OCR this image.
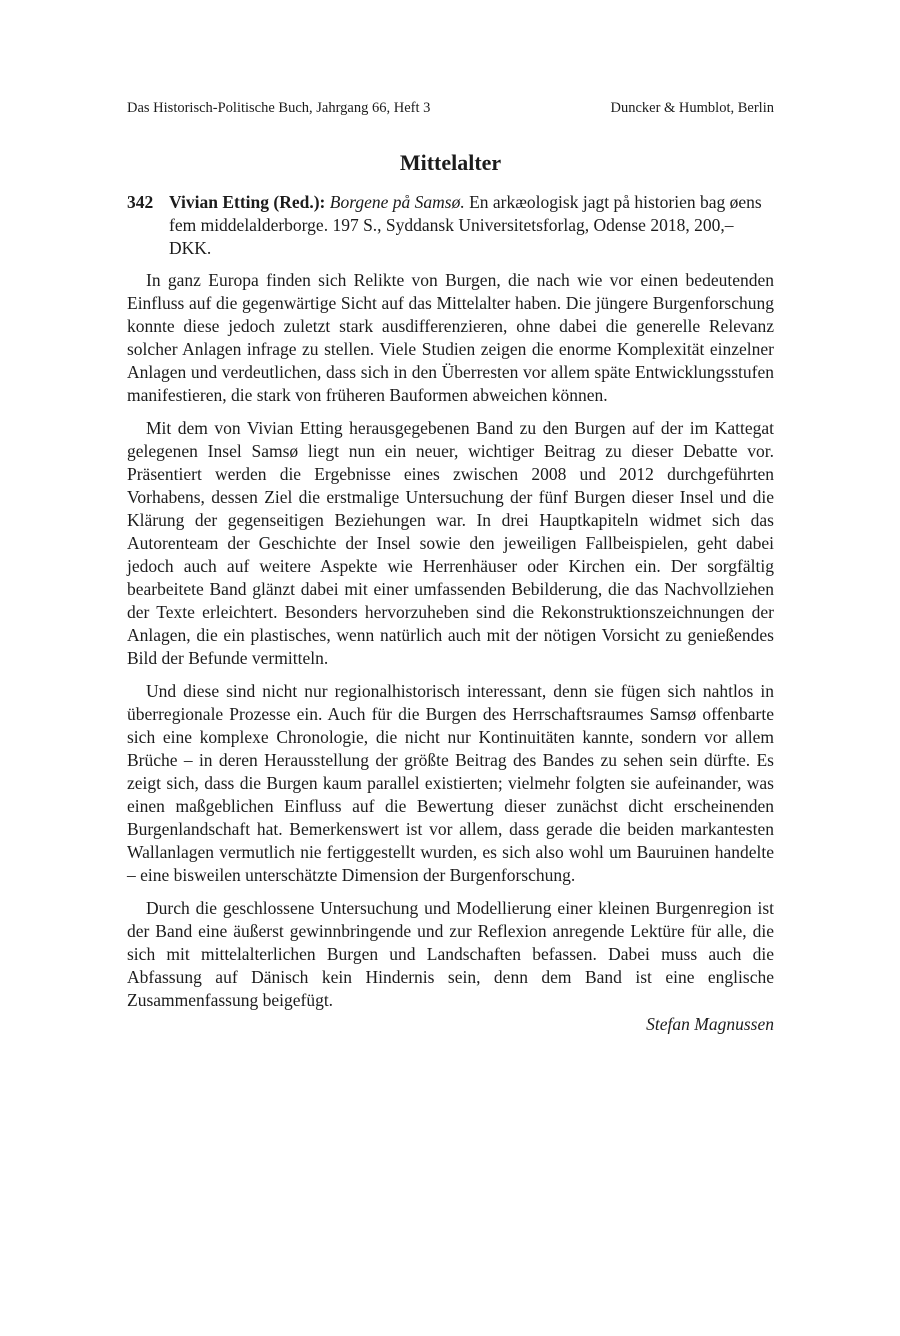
Das Historisch-Politische Buch, Jahrgang 66, Heft 3	Duncker & Humblot, Berlin
Mittelalter
342 Vivian Etting (Red.): Borgene på Samsø. En arkæologisk jagt på historien bag øens fem middelalderborge. 197 S., Syddansk Universitetsforlag, Odense 2018, 200,– DKK.

In ganz Europa finden sich Relikte von Burgen, die nach wie vor einen bedeutenden Einfluss auf die gegenwärtige Sicht auf das Mittelalter haben. Die jüngere Burgenforschung konnte diese jedoch zuletzt stark ausdifferenzieren, ohne dabei die generelle Relevanz solcher Anlagen infrage zu stellen. Viele Studien zeigen die enorme Komplexität einzelner Anlagen und verdeutlichen, dass sich in den Überresten vor allem späte Entwicklungsstufen manifestieren, die stark von früheren Bauformen abweichen können.

Mit dem von Vivian Etting herausgegebenen Band zu den Burgen auf der im Kattegat gelegenen Insel Samsø liegt nun ein neuer, wichtiger Beitrag zu dieser Debatte vor. Präsentiert werden die Ergebnisse eines zwischen 2008 und 2012 durchgeführten Vorhabens, dessen Ziel die erstmalige Untersuchung der fünf Burgen dieser Insel und die Klärung der gegenseitigen Beziehungen war. In drei Hauptkapiteln widmet sich das Autorenteam der Geschichte der Insel sowie den jeweiligen Fallbeispielen, geht dabei jedoch auch auf weitere Aspekte wie Herrenhäuser oder Kirchen ein. Der sorgfältig bearbeitete Band glänzt dabei mit einer umfassenden Bebilderung, die das Nachvollziehen der Texte erleichtert. Besonders hervorzuheben sind die Rekonstruktionszeichnungen der Anlagen, die ein plastisches, wenn natürlich auch mit der nötigen Vorsicht zu genießendes Bild der Befunde vermitteln.

Und diese sind nicht nur regionalhistorisch interessant, denn sie fügen sich nahtlos in überregionale Prozesse ein. Auch für die Burgen des Herrschaftsraumes Samsø offenbarte sich eine komplexe Chronologie, die nicht nur Kontinuitäten kannte, sondern vor allem Brüche – in deren Herausstellung der größte Beitrag des Bandes zu sehen sein dürfte. Es zeigt sich, dass die Burgen kaum parallel existierten; vielmehr folgten sie aufeinander, was einen maßgeblichen Einfluss auf die Bewertung dieser zunächst dicht erscheinenden Burgenlandschaft hat. Bemerkenswert ist vor allem, dass gerade die beiden markantesten Wallanlagen vermutlich nie fertiggestellt wurden, es sich also wohl um Bauruinen handelte – eine bisweilen unterschätzte Dimension der Burgenforschung.

Durch die geschlossene Untersuchung und Modellierung einer kleinen Burgenregion ist der Band eine äußerst gewinnbringende und zur Reflexion anregende Lektüre für alle, die sich mit mittelalterlichen Burgen und Landschaften befassen. Dabei muss auch die Abfassung auf Dänisch kein Hindernis sein, denn dem Band ist eine englische Zusammenfassung beigefügt.

Stefan Magnussen
